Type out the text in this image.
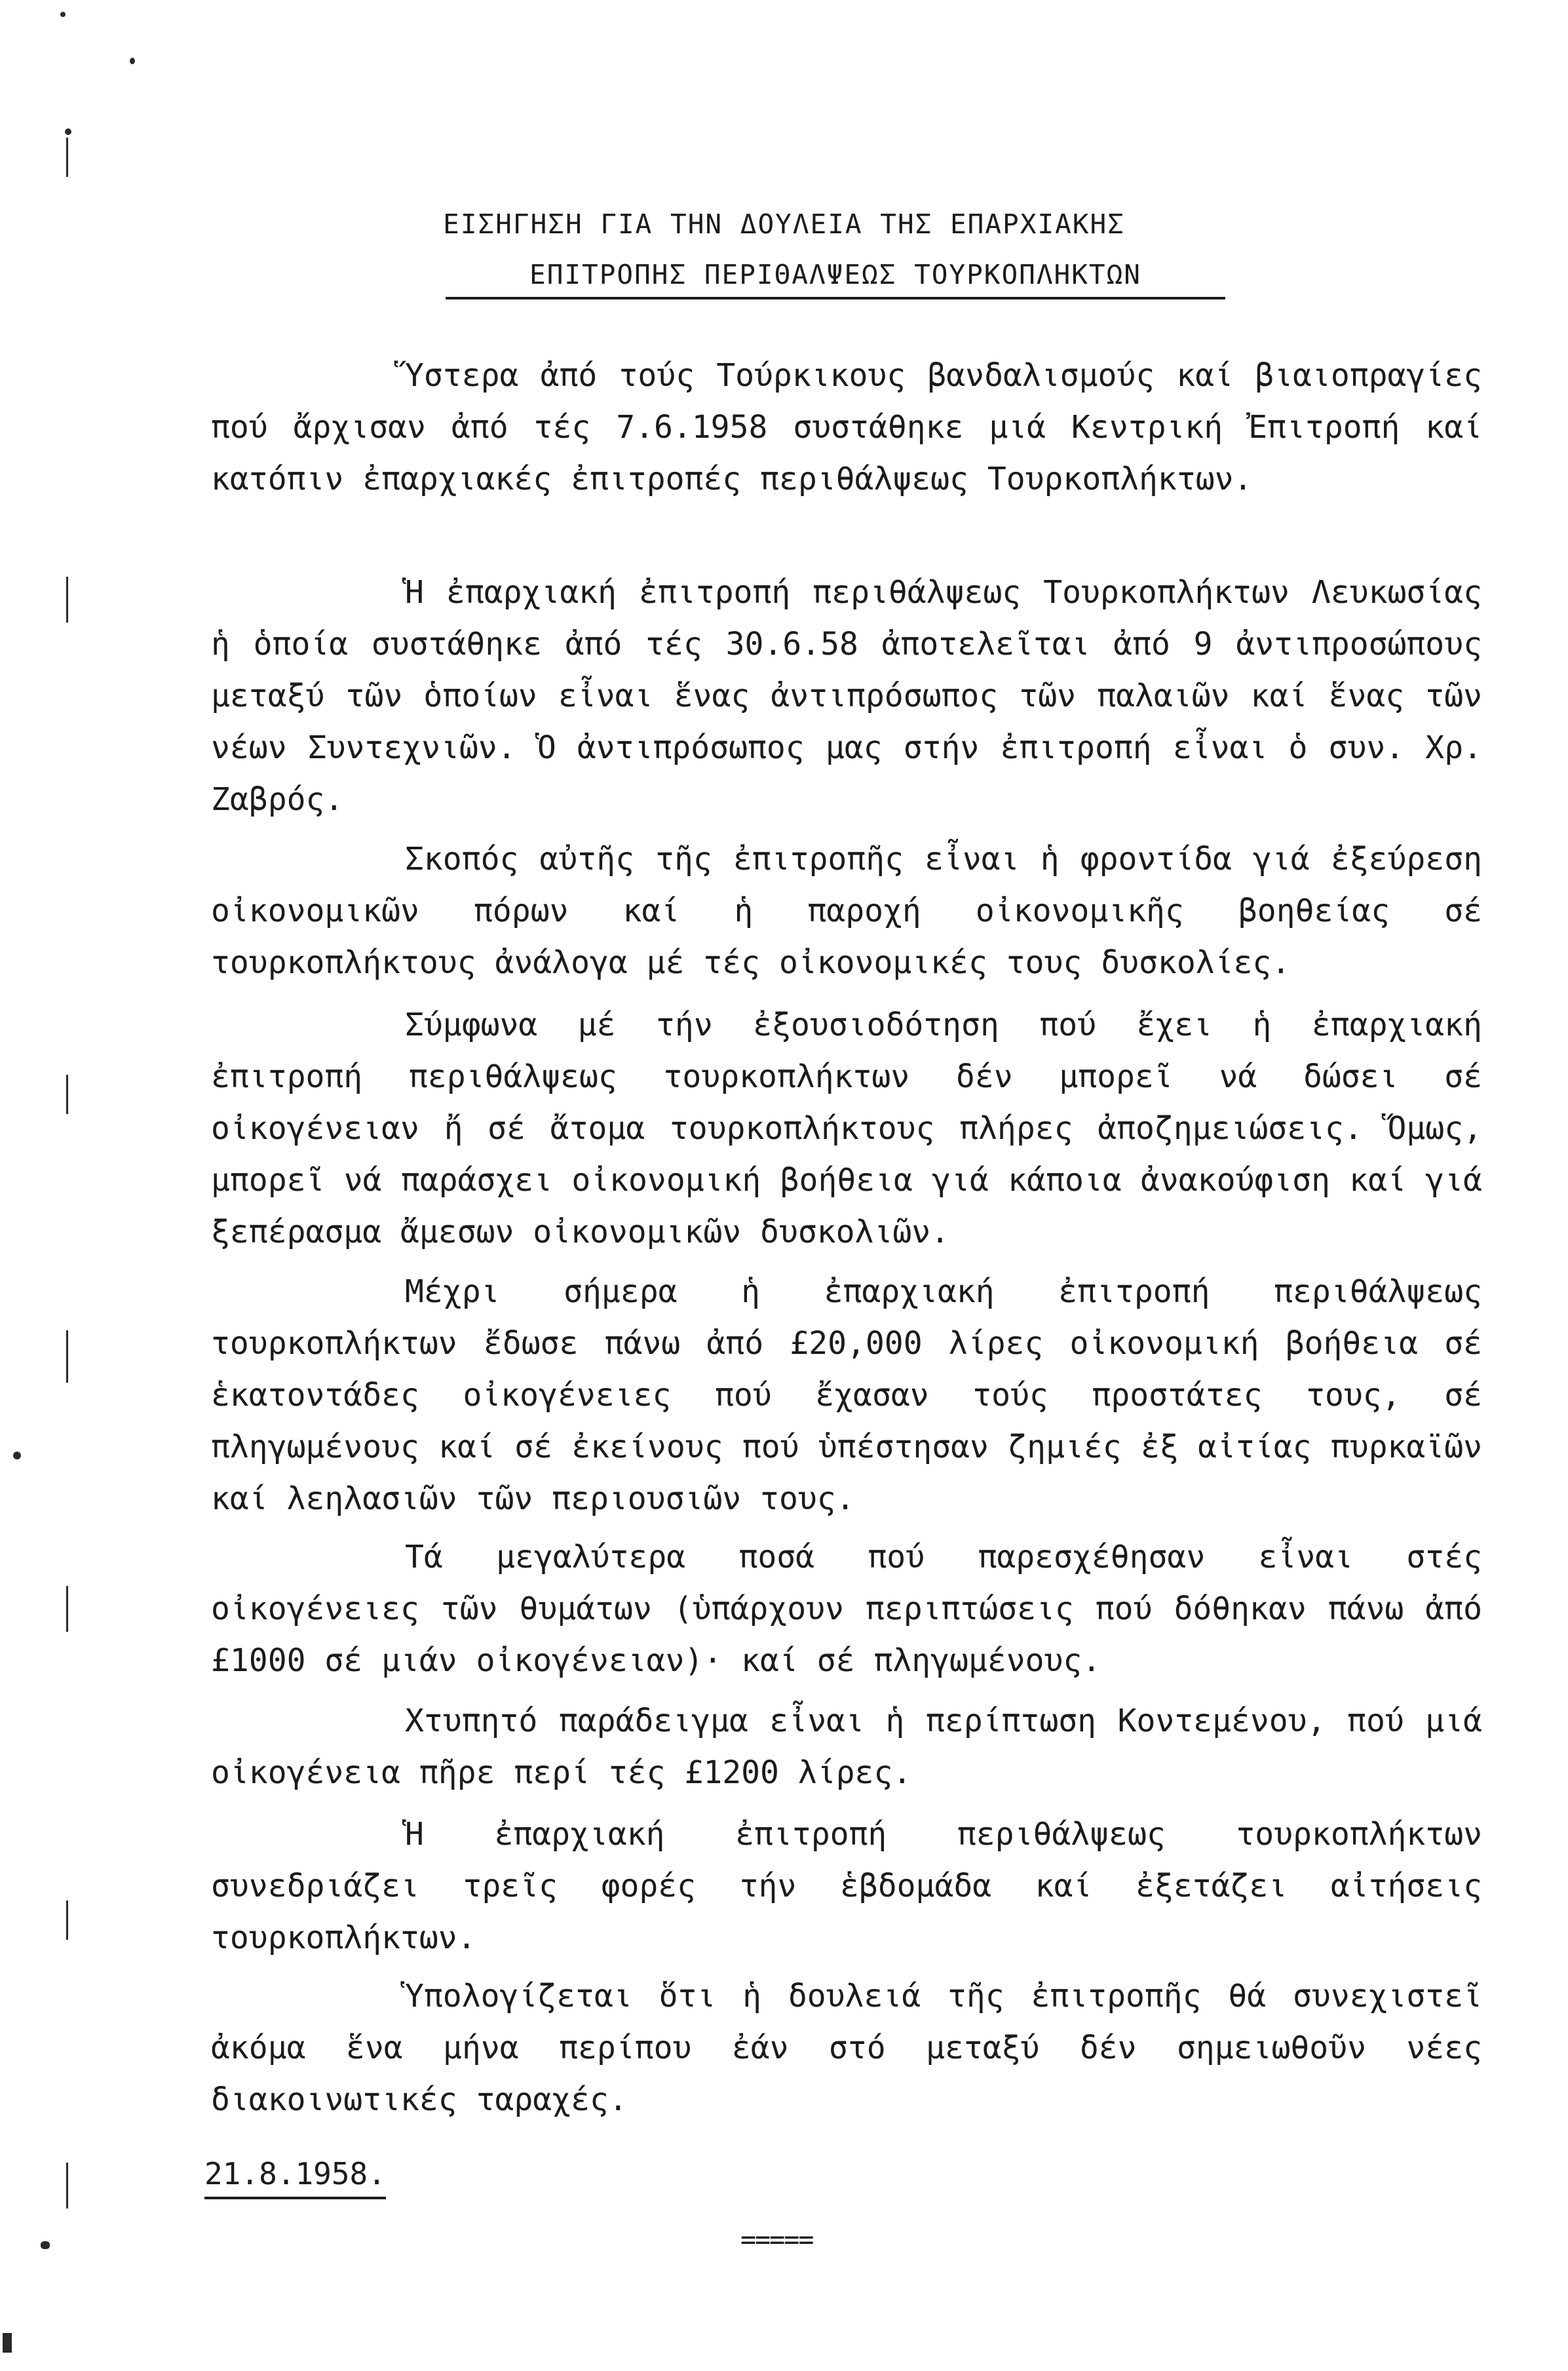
ΕΙΣΗΓΗΣΗ ΓΙΑ ΤΗΝ ΔΟΥΛΕΙΑ ΤΗΣ ΕΠΑΡΧΙΑΚΗΣ
ΕΠΙΤΡΟΠΗΣ ΠΕΡΙΘΑΛΨΕΩΣ ΤΟΥΡΚΟΠΛΗΚΤΩΝ

Ὕστερα ἀπό τούς Τούρκικους βανδαλισμούς καί βιαιοπραγίες πού ἄρχισαν ἀπό τές 7.6.1958 συστάθηκε μιά Κεντρική Ἐπιτροπή καί κατόπιν ἐπαρχιακές ἐπιτροπές περιθάλψεως Τουρκοπλήκτων.

Ἡ ἐπαρχιακή ἐπιτροπή περιθάλψεως Τουρκοπλήκτων Λευκωσίας ἡ ὁποία συστάθηκε ἀπό τές 30.6.58 ἀποτελεῖται ἀπό 9 ἀντιπροσώπους μεταξύ τῶν ὁποίων εἶναι ἕνας ἀντιπρόσωπος τῶν παλαιῶν καί ἕνας τῶν νέων Συντεχνιῶν. Ὁ ἀντιπρόσωπος μας στήν ἐπιτροπή εἶναι ὁ συν. Χρ. Ζαβρός.

Σκοπός αὐτῆς τῆς ἐπιτροπῆς εἶναι ἡ φροντίδα γιά ἐξεύρεση οἰκονομικῶν πόρων καί ἡ παροχή οἰκονομικῆς βοηθείας σέ τουρκοπλήκτους ἀνάλογα μέ τές οἰκονομικές τους δυσκολίες.

Σύμφωνα μέ τήν ἐξουσιοδότηση πού ἔχει ἡ ἐπαρχιακή ἐπιτροπή περιθάλψεως τουρκοπλήκτων δέν μπορεῖ νά δώσει σέ οἰκογένειαν ἤ σέ ἄτομα τουρκοπλήκτους πλήρες ἀποζημειώσεις. Ὅμως, μπορεῖ νά παράσχει οἰκονομική βοήθεια γιά κάποια ἀνακούφιση καί γιά ξεπέρασμα ἄμεσων οἰκονομικῶν δυσκολιῶν.

Μέχρι σήμερα ἡ ἐπαρχιακή ἐπιτροπή περιθάλψεως τουρκοπλήκτων ἔδωσε πάνω ἀπό £20,000 λίρες οἰκονομική βοήθεια σέ ἑκατοντάδες οἰκογένειες πού ἔχασαν τούς προστάτες τους, σέ πληγωμένους καί σέ ἐκείνους πού ὑπέστησαν ζημιές ἐξ αἰτίας πυρκαϊῶν καί λεηλασιῶν τῶν περιουσιῶν τους.

Τά μεγαλύτερα ποσά πού παρεσχέθησαν εἶναι στές οἰκογένειες τῶν θυμάτων (ὑπάρχουν περιπτώσεις πού δόθηκαν πάνω ἀπό £1000 σέ μιάν οἰκογένειαν)· καί σέ πληγωμένους.

Χτυπητό παράδειγμα εἶναι ἡ περίπτωση Κοντεμένου, πού μιά οἰκογένεια πῆρε περί τές £1200 λίρες.

Ἡ ἐπαρχιακή ἐπιτροπή περιθάλψεως τουρκοπλήκτων συνεδριάζει τρεῖς φορές τήν ἑβδομάδα καί ἐξετάζει αἰτήσεις τουρκοπλήκτων.

Ὑπολογίζεται ὅτι ἡ δουλειά τῆς ἐπιτροπῆς θά συνεχιστεῖ ἀκόμα ἕνα μήνα περίπου ἐάν στό μεταξύ δέν σημειωθοῦν νέες διακοινωτικές ταραχές.

21.8.1958.
=====
